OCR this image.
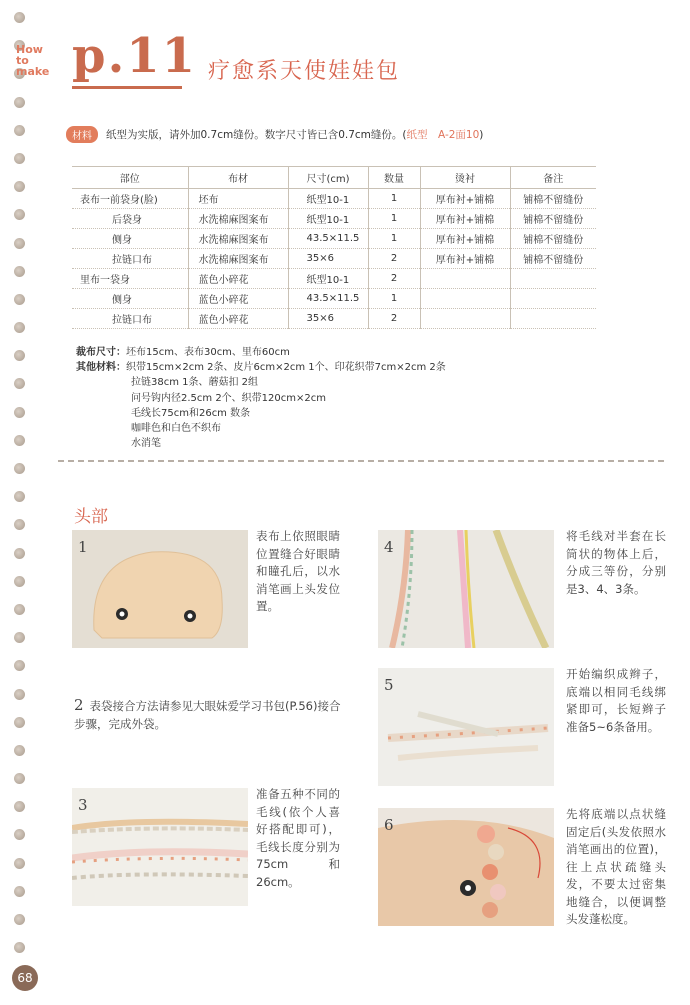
How
to
make p.11 疗愈系天使娃娃包
材料	纸型为实版，请外加0.7cm缝份。数字尺寸皆已含0.7cm缝份。( 纸型　A-2面10 )
部位	布材	尺寸(cm)	数量	烫衬	备注
表布一前袋身(脸)	坯布	纸型10-1	1	厚布衬+铺棉	铺棉不留缝份
后袋身	水洗棉麻图案布	纸型10-1	1	厚布衬+铺棉	铺棉不留缝份
侧身	水洗棉麻图案布	43.5×11.5	1	厚布衬+铺棉	铺棉不留缝份
拉链口布	水洗棉麻图案布	35×6	2	厚布衬+铺棉	铺棉不留缝份
里布一袋身	蓝色小碎花	纸型10-1	2		
侧身	蓝色小碎花	43.5×11.5	1		
拉链口布	蓝色小碎花	35×6	2		
裁布尺寸：坯布15cm、表布30cm、里布60cm
其他材料：织带15cm×2cm 2条、皮片6cm×2cm 1个、印花织带7cm×2cm 2条
拉链38cm 1条、蘑菇扣 2组
问号钩内径2.5cm 2个、织带120cm×2cm
毛线长75cm和26cm 数条
咖啡色和白色不织布
水消笔
头部
1
表布上依照眼睛位置缝合好眼睛和瞳孔后，以水消笔画上头发位置。
2 表袋接合方法请参见大眼妹爱学习书包(P.56)接合步骤，完成外袋。
3
准备五种不同的毛线(依个人喜好搭配即可)，毛线长度分别为75cm和26cm。
4
将毛线对半套在长筒状的物体上后，分成三等份，分别是3、4、3条。
5
开始编织成辫子，底端以相同毛线绑紧即可，长短辫子准备5~6条备用。
6
先将底端以点状缝固定后(头发依照水消笔画出的位置)，往上点状疏缝头发，不要太过密集地缝合，以便调整头发蓬松度。
68
